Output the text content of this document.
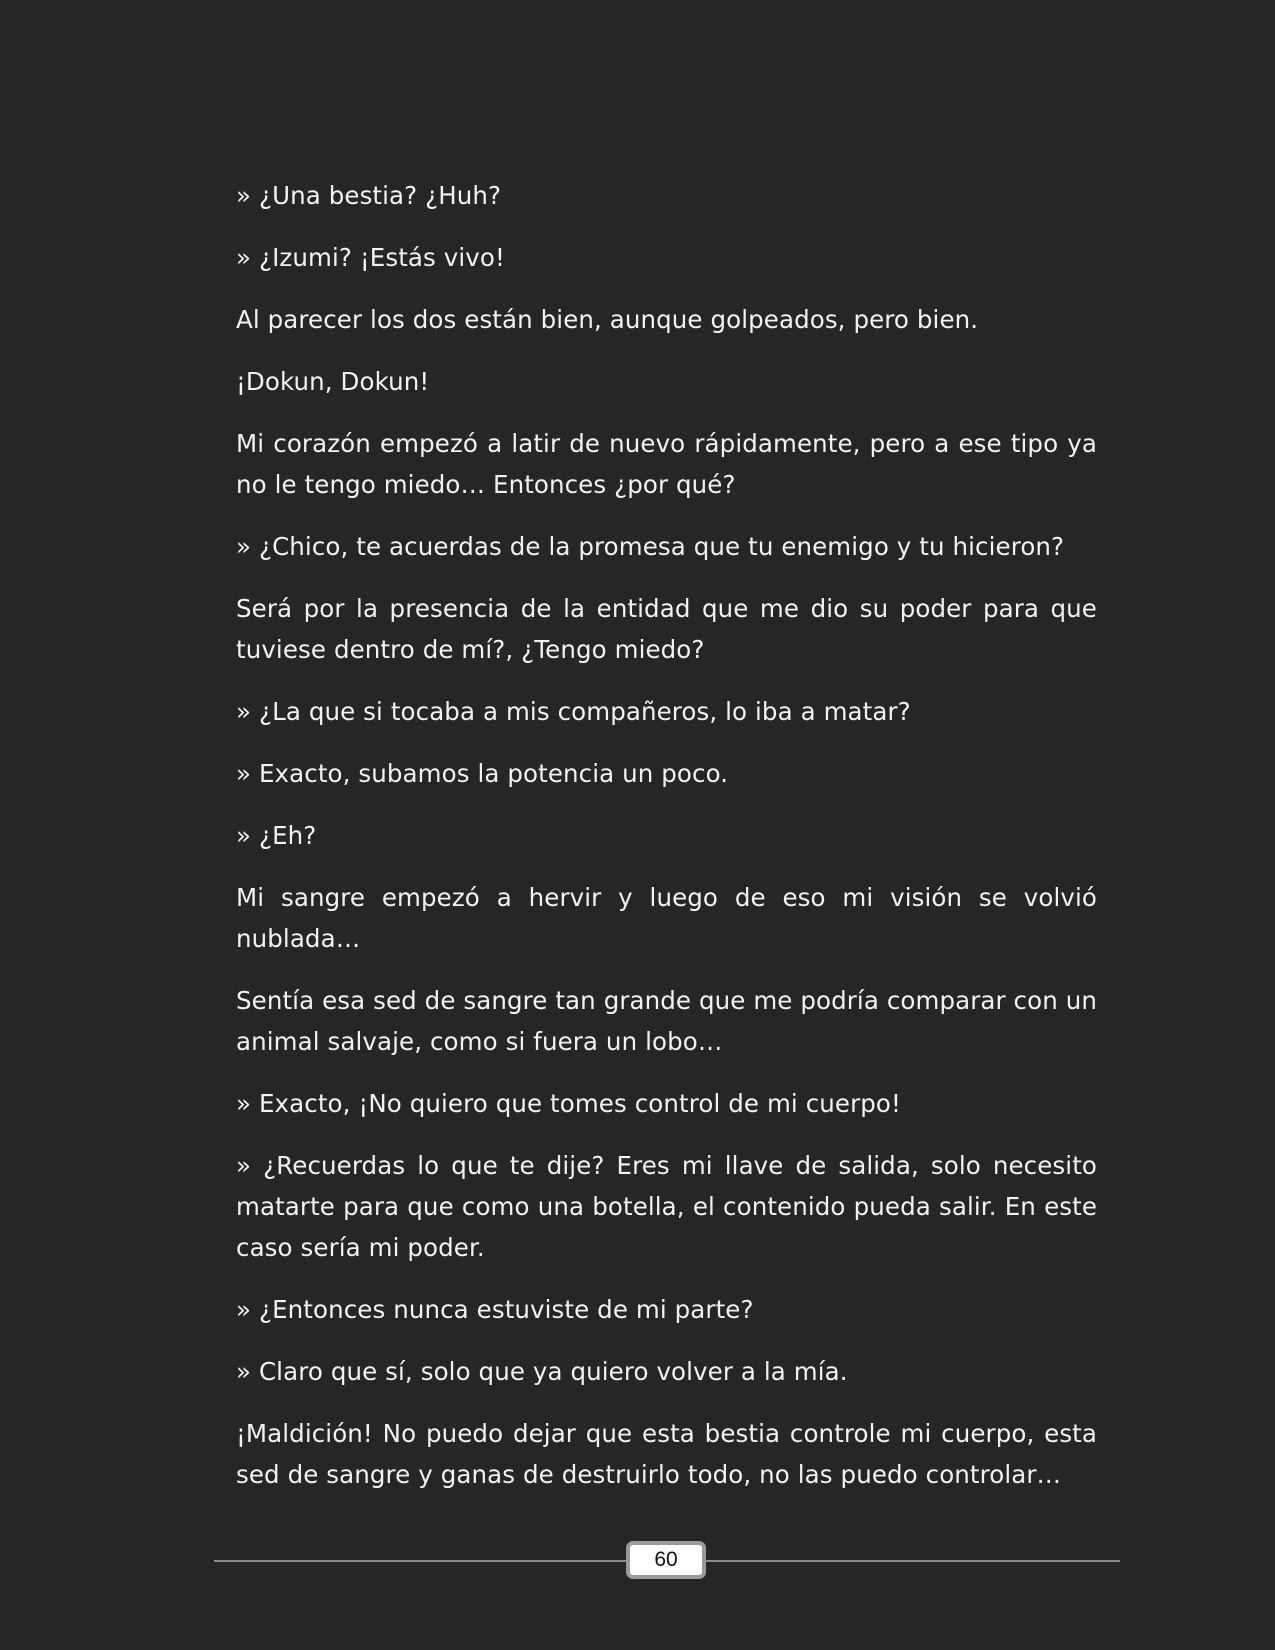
» ¿Una bestia? ¿Huh?

» ¿Izumi? ¡Estás vivo!

Al parecer los dos están bien, aunque golpeados, pero bien.

¡Dokun, Dokun!

Mi corazón empezó a latir de nuevo rápidamente, pero a ese tipo ya no le tengo miedo… Entonces ¿por qué?

» ¿Chico, te acuerdas de la promesa que tu enemigo y tu hicieron?

Será por la presencia de la entidad que me dio su poder para que tuviese dentro de mí?, ¿Tengo miedo?

» ¿La que si tocaba a mis compañeros, lo iba a matar?

» Exacto, subamos la potencia un poco.

» ¿Eh?

Mi sangre empezó a hervir y luego de eso mi visión se volvió nublada…

Sentía esa sed de sangre tan grande que me podría comparar con un animal salvaje, como si fuera un lobo…

» Exacto, ¡No quiero que tomes control de mi cuerpo!

» ¿Recuerdas lo que te dije? Eres mi llave de salida, solo necesito matarte para que como una botella, el contenido pueda salir. En este caso sería mi poder.

» ¿Entonces nunca estuviste de mi parte?

» Claro que sí, solo que ya quiero volver a la mía.

¡Maldición! No puedo dejar que esta bestia controle mi cuerpo, esta sed de sangre y ganas de destruirlo todo, no las puedo controlar…

60
